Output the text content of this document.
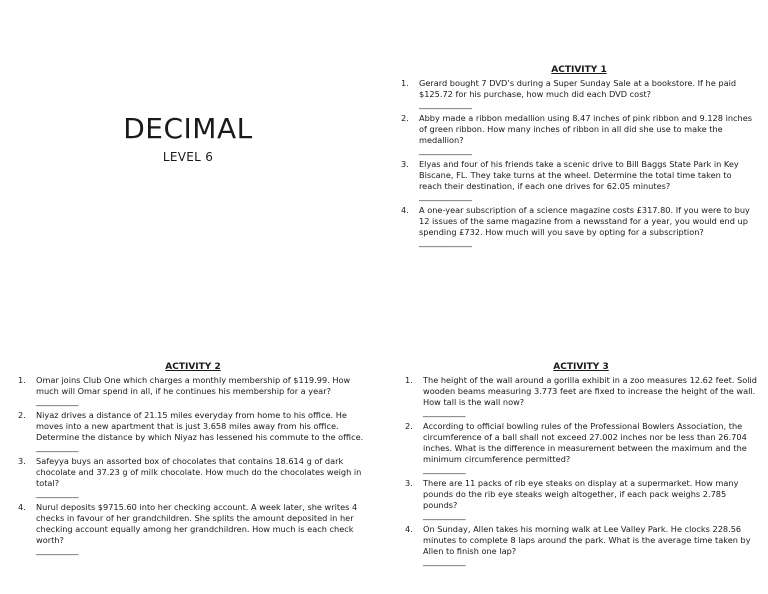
DECIMAL
LEVEL 6
ACTIVITY 1
1.	Gerard bought 7 DVD’s during a Super Sunday Sale at a bookstore. If he paid $125.72 for his purchase, how much did each DVD cost?
_______________
2.	Abby made a ribbon medallion using 8.47 inches of pink ribbon and 9.128 inches of green ribbon. How many inches of ribbon in all did she use to make the medallion?
_______________
3.	Elyas and four of his friends take a scenic drive to Bill Baggs State Park in Key Biscane, FL. They take turns at the wheel. Determine the total time taken to reach their destination, if each one drives for 62.05 minutes?
_______________
4.	A one-year subscription of a science magazine costs £317.80. If you were to buy 12 issues of the same magazine from a newsstand for a year, you would end up spending £732. How much will you save by opting for a subscription?
_______________
ACTIVITY 2
1.	Omar joins Club One which charges a monthly membership of $119.99. How much will Omar spend in all, if he continues his membership for a year?
____________
2.	Niyaz drives a distance of 21.15 miles everyday from home to his office. He moves into a new apartment that is just 3.658 miles away from his office. Determine the distance by which Niyaz has lessened his commute to the office.
____________
3.	Safeyya buys an assorted box of chocolates that contains 18.614 g of dark chocolate and 37.23 g of milk chocolate. How much do the chocolates weigh in total?
____________
4.	Nurul deposits $9715.60 into her checking account. A week later, she writes 4 checks in favour of her grandchildren. She splits the amount deposited in her checking account equally among her grandchildren. How much is each check worth?
____________
ACTIVITY 3
1.	The height of the wall around a gorilla exhibit in a zoo measures 12.62 feet. Solid wooden beams measuring 3.773 feet are fixed to increase the height of the wall. How tall is the wall now?
____________
2.	According to official bowling rules of the Professional Bowlers Association, the circumference of a ball shall not exceed 27.002 inches nor be less than 26.704 inches. What is the difference in measurement between the maximum and the minimum circumference permitted?
____________
3.	There are 11 packs of rib eye steaks on display at a supermarket. How many pounds do the rib eye steaks weigh altogether, if each pack weighs 2.785 pounds?
____________
4.	On Sunday, Allen takes his morning walk at Lee Valley Park. He clocks 228.56 minutes to complete 8 laps around the park. What is the average time taken by Allen to ﬁnish one lap?
____________
